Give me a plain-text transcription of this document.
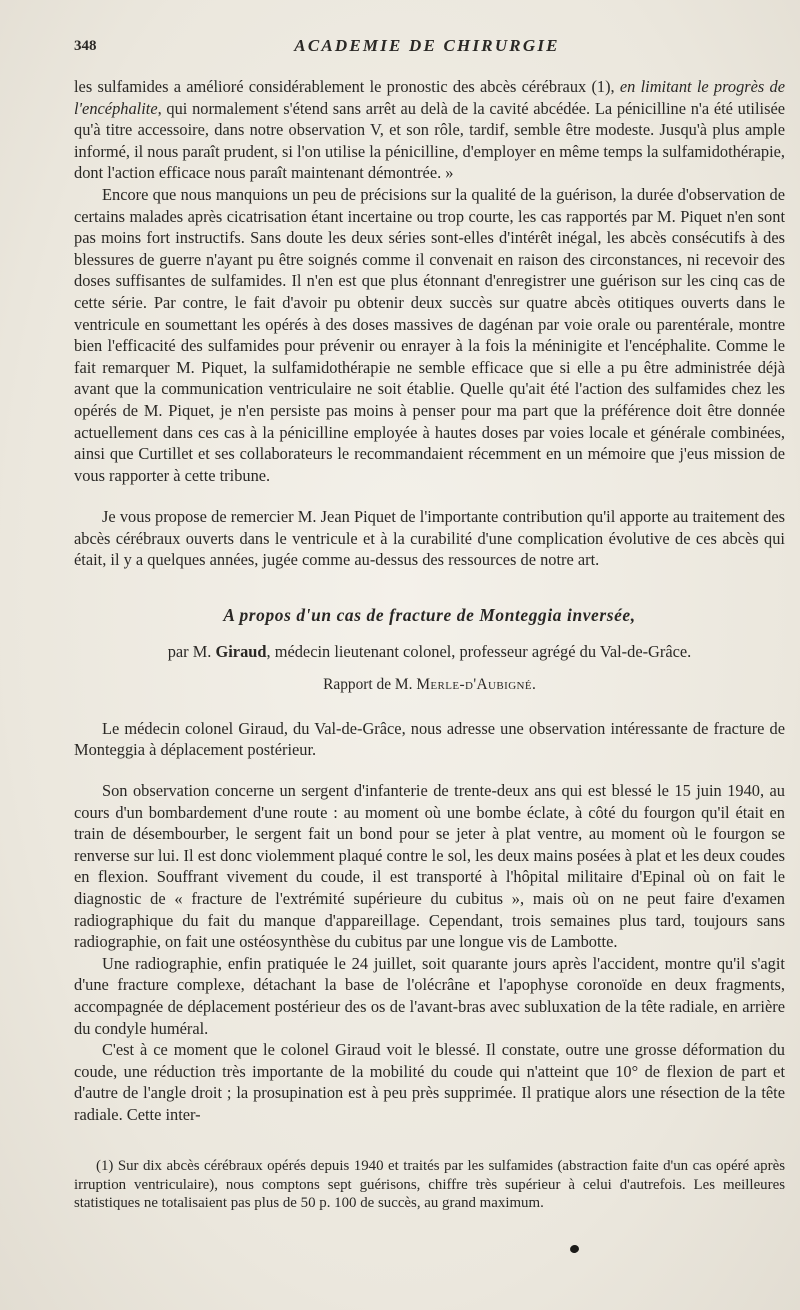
348	ACADEMIE DE CHIRURGIE

les sulfamides a amélioré considérablement le pronostic des abcès cérébraux (1), en limitant le progrès de l'encéphalite, qui normalement s'étend sans arrêt au delà de la cavité abcédée. La pénicilline n'a été utilisée qu'à titre accessoire, dans notre observation V, et son rôle, tardif, semble être modeste. Jusqu'à plus ample informé, il nous paraît prudent, si l'on utilise la pénicilline, d'employer en même temps la sulfamidothérapie, dont l'action efficace nous paraît maintenant démontrée. »

Encore que nous manquions un peu de précisions sur la qualité de la guérison, la durée d'observation de certains malades après cicatrisation étant incertaine ou trop courte, les cas rapportés par M. Piquet n'en sont pas moins fort instructifs. Sans doute les deux séries sont-elles d'intérêt inégal, les abcès consécutifs à des blessures de guerre n'ayant pu être soignés comme il convenait en raison des circonstances, ni recevoir des doses suffisantes de sulfamides. Il n'en est que plus étonnant d'enregistrer une guérison sur les cinq cas de cette série. Par contre, le fait d'avoir pu obtenir deux succès sur quatre abcès otitiques ouverts dans le ventricule en soumettant les opérés à des doses massives de dagénan par voie orale ou parentérale, montre bien l'efficacité des sulfamides pour prévenir ou enrayer à la fois la méninigite et l'encéphalite. Comme le fait remarquer M. Piquet, la sulfamidothérapie ne semble efficace que si elle a pu être administrée déjà avant que la communication ventriculaire ne soit établie. Quelle qu'ait été l'action des sulfamides chez les opérés de M. Piquet, je n'en persiste pas moins à penser pour ma part que la préférence doit être donnée actuellement dans ces cas à la pénicilline employée à hautes doses par voies locale et générale combinées, ainsi que Curtillet et ses collaborateurs le recommandaient récemment en un mémoire que j'eus mission de vous rapporter à cette tribune.

Je vous propose de remercier M. Jean Piquet de l'importante contribution qu'il apporte au traitement des abcès cérébraux ouverts dans le ventricule et à la curabilité d'une complication évolutive de ces abcès qui était, il y a quelques années, jugée comme au-dessus des ressources de notre art.

A propos d'un cas de fracture de Monteggia inversée,

par M. Giraud, médecin lieutenant colonel, professeur agrégé du Val-de-Grâce.

Rapport de M. Merle-d'Aubigné.

Le médecin colonel Giraud, du Val-de-Grâce, nous adresse une observation intéressante de fracture de Monteggia à déplacement postérieur.

Son observation concerne un sergent d'infanterie de trente-deux ans qui est blessé le 15 juin 1940, au cours d'un bombardement d'une route : au moment où une bombe éclate, à côté du fourgon qu'il était en train de désembourber, le sergent fait un bond pour se jeter à plat ventre, au moment où le fourgon se renverse sur lui. Il est donc violemment plaqué contre le sol, les deux mains posées à plat et les deux coudes en flexion. Souffrant vivement du coude, il est transporté à l'hôpital militaire d'Epinal où on fait le diagnostic de « fracture de l'extrémité supérieure du cubitus », mais où on ne peut faire d'examen radiographique du fait du manque d'appareillage. Cependant, trois semaines plus tard, toujours sans radiographie, on fait une ostéosynthèse du cubitus par une longue vis de Lambotte.

Une radiographie, enfin pratiquée le 24 juillet, soit quarante jours après l'accident, montre qu'il s'agit d'une fracture complexe, détachant la base de l'olécrâne et l'apophyse coronoïde en deux fragments, accompagnée de déplacement postérieur des os de l'avant-bras avec subluxation de la tête radiale, en arrière du condyle huméral.

C'est à ce moment que le colonel Giraud voit le blessé. Il constate, outre une grosse déformation du coude, une réduction très importante de la mobilité du coude qui n'atteint que 10° de flexion de part et d'autre de l'angle droit ; la prosupination est à peu près supprimée. Il pratique alors une résection de la tête radiale. Cette inter-

(1) Sur dix abcès cérébraux opérés depuis 1940 et traités par les sulfamides (abstraction faite d'un cas opéré après irruption ventriculaire), nous comptons sept guérisons, chiffre très supérieur à celui d'autrefois. Les meilleures statistiques ne totalisaient pas plus de 50 p. 100 de succès, au grand maximum.
